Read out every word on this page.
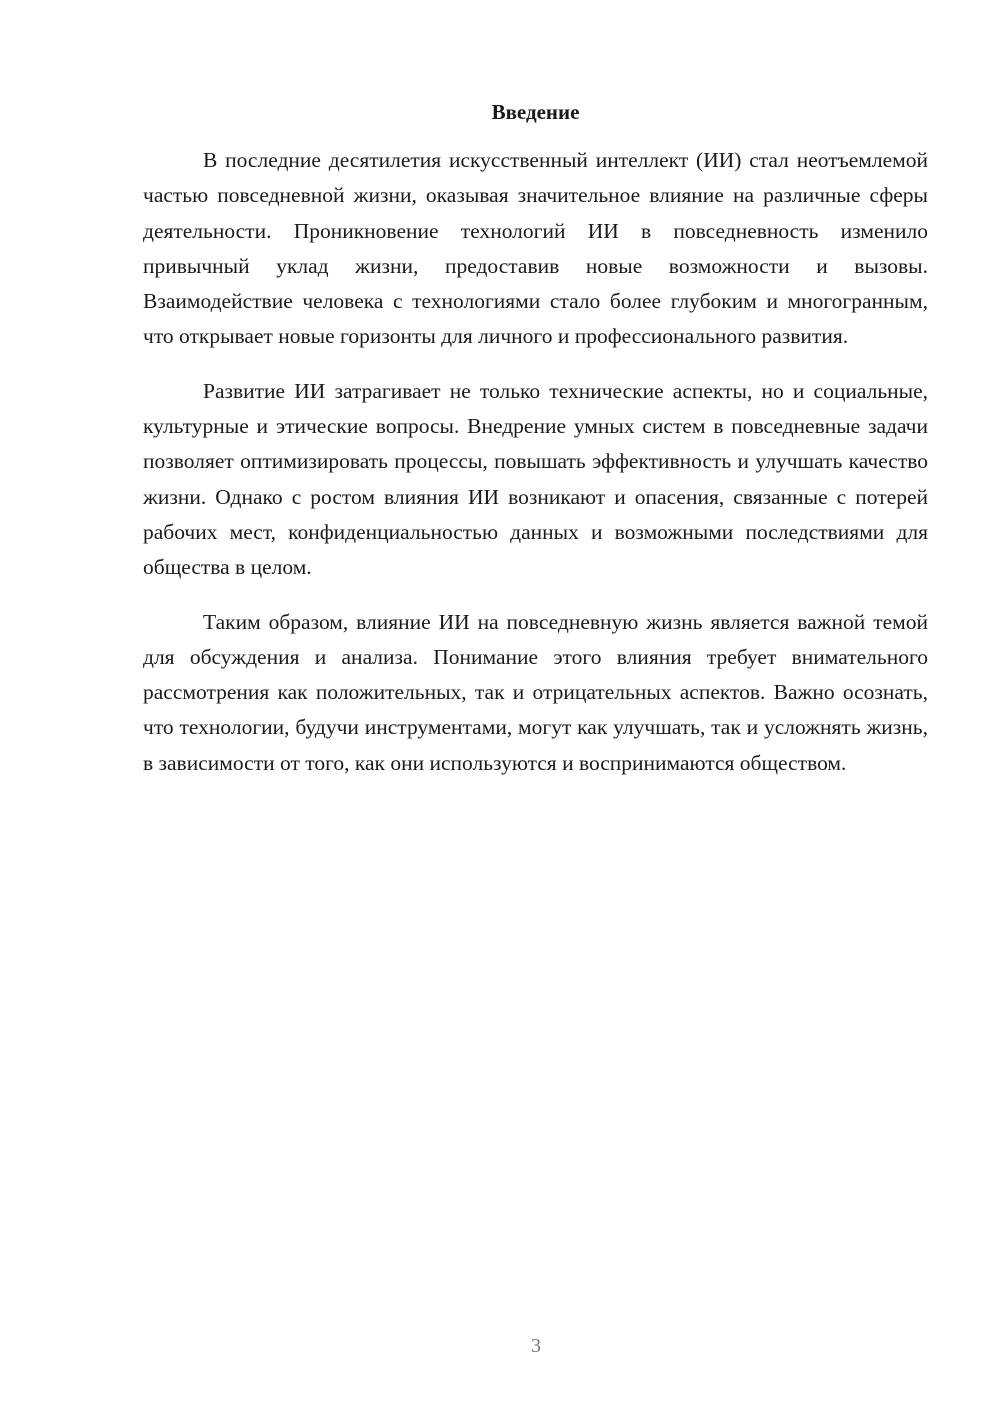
Введение

В последние десятилетия искусственный интеллект (ИИ) стал неотъемлемой частью повседневной жизни, оказывая значительное влияние на различные сферы деятельности. Проникновение технологий ИИ в повседневность изменило привычный уклад жизни, предоставив новые возможности и вызовы. Взаимодействие человека с технологиями стало более глубоким и многогранным, что открывает новые горизонты для личного и профессионального развития.

Развитие ИИ затрагивает не только технические аспекты, но и социальные, культурные и этические вопросы. Внедрение умных систем в повседневные задачи позволяет оптимизировать процессы, повышать эффективность и улучшать качество жизни. Однако с ростом влияния ИИ возникают и опасения, связанные с потерей рабочих мест, конфиденциальностью данных и возможными последствиями для общества в целом.

Таким образом, влияние ИИ на повседневную жизнь является важной темой для обсуждения и анализа. Понимание этого влияния требует внимательного рассмотрения как положительных, так и отрицательных аспектов. Важно осознать, что технологии, будучи инструментами, могут как улучшать, так и усложнять жизнь, в зависимости от того, как они используются и воспринимаются обществом.

3
